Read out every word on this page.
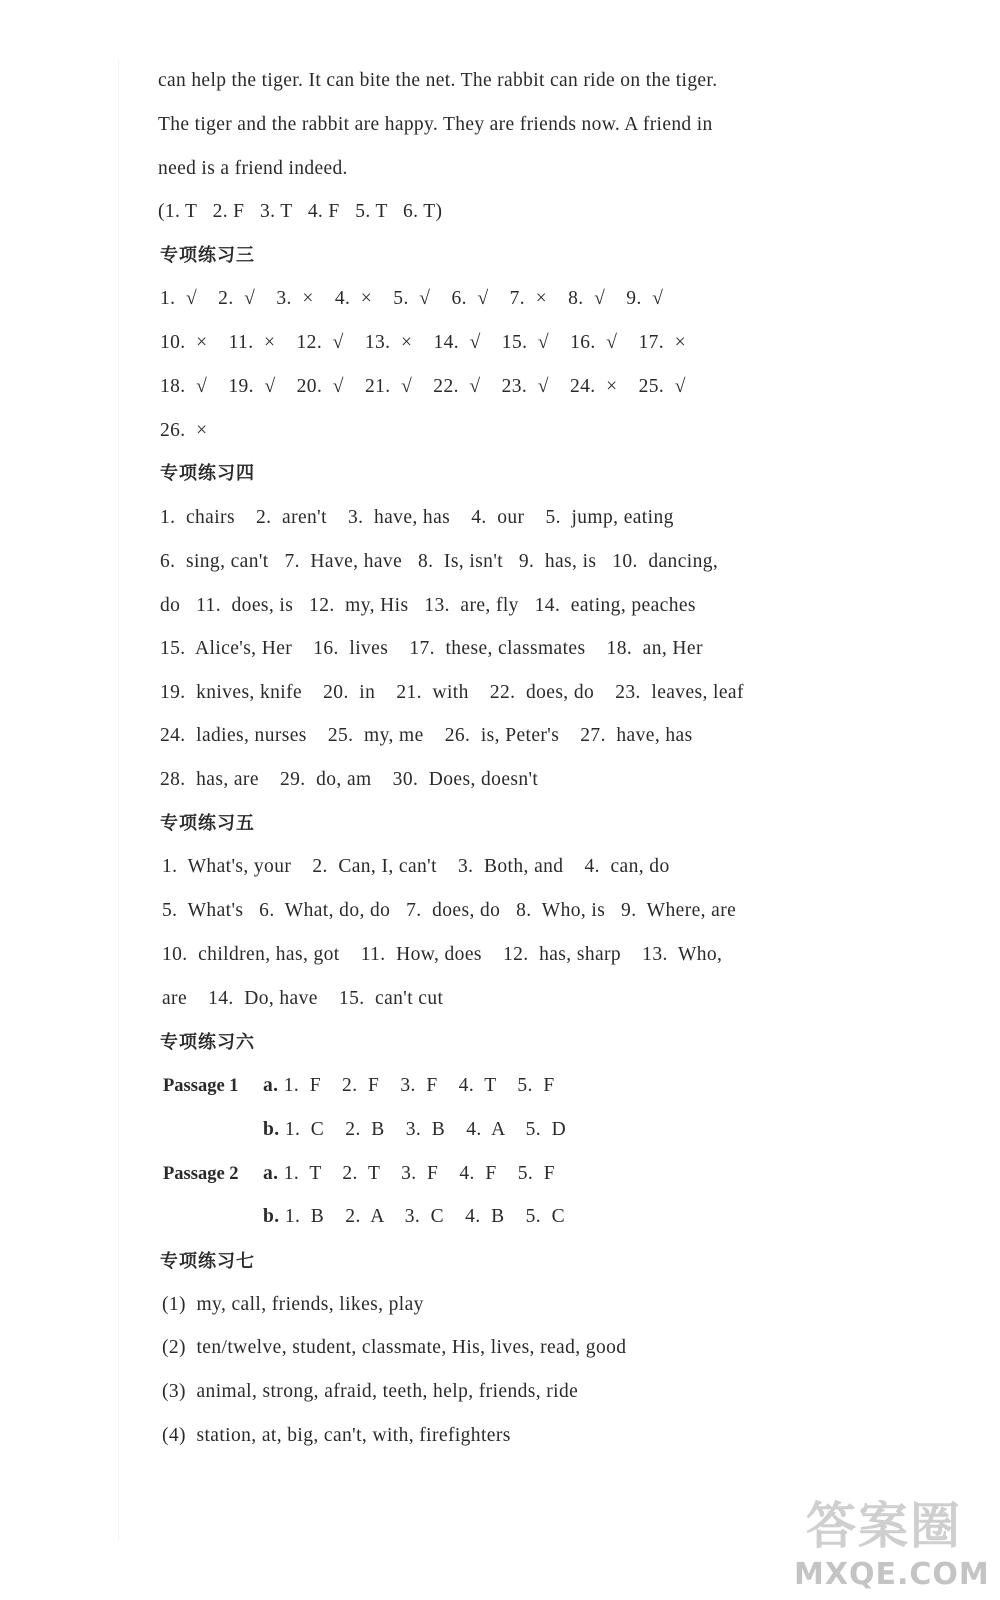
can help the tiger. It can bite the net. The rabbit can ride on the tiger.
The tiger and the rabbit are happy. They are friends now. A friend in
need is a friend indeed.
(1. T   2. F   3. T   4. F   5. T   6. T)
专项练习三
1.  √    2.  √    3.  ×    4.  ×    5.  √    6.  √    7.  ×    8.  √    9.  √
10.  ×    11.  ×    12.  √    13.  ×    14.  √    15.  √    16.  √    17.  ×
18.  √    19.  √    20.  √    21.  √    22.  √    23.  √    24.  ×    25.  √
26.  ×
专项练习四
1.  chairs    2.  aren't    3.  have, has    4.  our    5.  jump, eating
6.  sing, can't   7.  Have, have   8.  Is, isn't   9.  has, is   10.  dancing,
do   11.  does, is   12.  my, His   13.  are, fly   14.  eating, peaches
15.  Alice's, Her    16.  lives    17.  these, classmates    18.  an, Her
19.  knives, knife    20.  in    21.  with    22.  does, do    23.  leaves, leaf
24.  ladies, nurses    25.  my, me    26.  is, Peter's    27.  have, has
28.  has, are    29.  do, am    30.  Does, doesn't
专项练习五
1.  What's, your    2.  Can, I, can't    3.  Both, and    4.  can, do
5.  What's   6.  What, do, do   7.  does, do   8.  Who, is   9.  Where, are
10.  children, has, got    11.  How, does    12.  has, sharp    13.  Who,
are    14.  Do, have    15.  can't cut
专项练习六
Passage 1 a. 1.  F    2.  F    3.  F    4.  T    5.  F
b. 1.  C    2.  B    3.  B    4.  A    5.  D
Passage 2 a. 1.  T    2.  T    3.  F    4.  F    5.  F
b. 1.  B    2.  A    3.  C    4.  B    5.  C
专项练习七
(1)  my, call, friends, likes, play
(2)  ten/twelve, student, classmate, His, lives, read, good
(3)  animal, strong, afraid, teeth, help, friends, ride
(4)  station, at, big, can't, with, firefighters
答案圈
MXQE.COM
